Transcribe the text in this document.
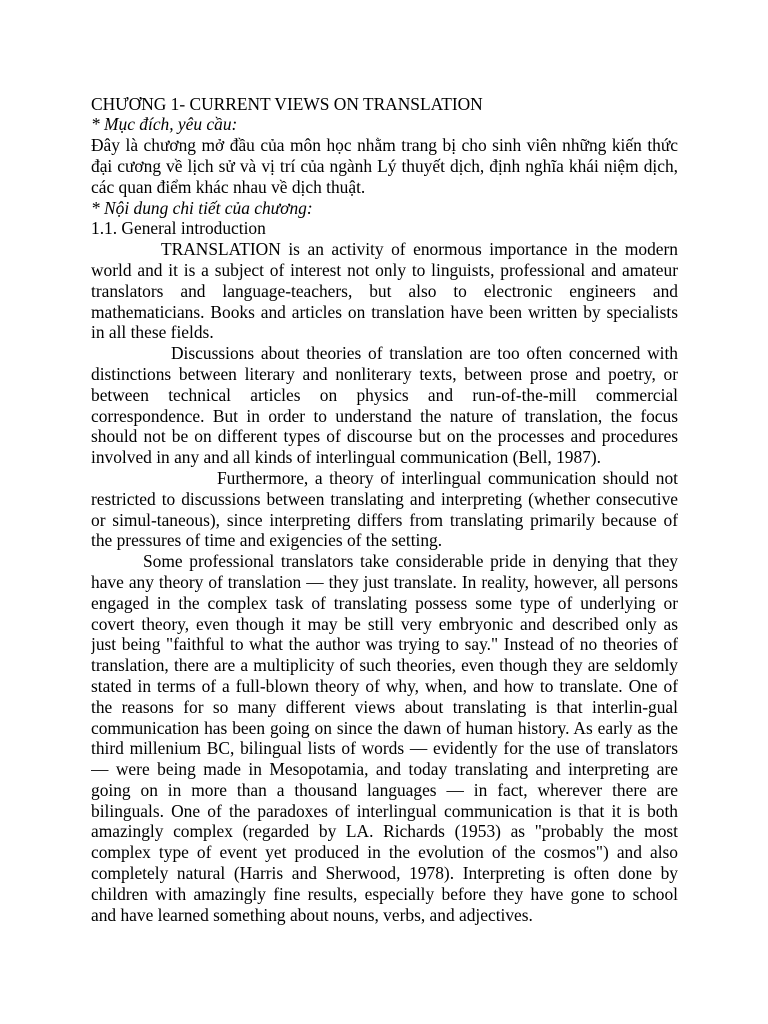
CHƯƠNG 1- CURRENT VIEWS ON TRANSLATION
* Mục đích, yêu cầu:
Đây là chương mở đầu của môn học nhằm trang bị cho sinh viên những kiến thức
đại cương về lịch sử và vị trí của ngành Lý thuyết dịch, định nghĩa khái niệm dịch,
các quan điểm khác nhau về dịch thuật.
* Nội dung chi tiết của chương:
1.1. General introduction
TRANSLATION is an activity of enormous importance in the modern
world and it is a subject of interest not only to linguists, professional and amateur
translators and language-teachers, but also to electronic engineers and
mathematicians. Books and articles on translation have been written by specialists
in all these fields.
Discussions about theories of translation are too often concerned with
distinctions between literary and nonliterary texts, between prose and poetry, or
between technical articles on physics and run-of-the-mill commercial
correspondence. But in order to understand the nature of translation, the focus
should not be on different types of discourse but on the processes and procedures
involved in any and all kinds of interlingual communication (Bell, 1987).
Furthermore, a theory of interlingual communication should not
restricted to discussions between translating and interpreting (whether consecutive
or simul-taneous), since interpreting differs from translating primarily because of
the pressures of time and exigencies of the setting.
Some professional translators take considerable pride in denying that they
have any theory of translation — they just translate. In reality, however, all persons
engaged in the complex task of translating possess some type of underlying or
covert theory, even though it may be still very embryonic and described only as
just being "faithful to what the author was trying to say." Instead of no theories of
translation, there are a multiplicity of such theories, even though they are seldomly
stated in terms of a full-blown theory of why, when, and how to translate. One of
the reasons for so many different views about translating is that interlin-gual
communication has been going on since the dawn of human history. As early as the
third millenium BC, bilingual lists of words — evidently for the use of translators
— were being made in Mesopotamia, and today translating and interpreting are
going on in more than a thousand languages — in fact, wherever there are
bilinguals. One of the paradoxes of interlingual communication is that it is both
amazingly complex (regarded by LA. Richards (1953) as "probably the most
complex type of event yet produced in the evolution of the cosmos") and also
completely natural (Harris and Sherwood, 1978). Interpreting is often done by
children with amazingly fine results, especially before they have gone to school
and have learned something about nouns, verbs, and adjectives.
